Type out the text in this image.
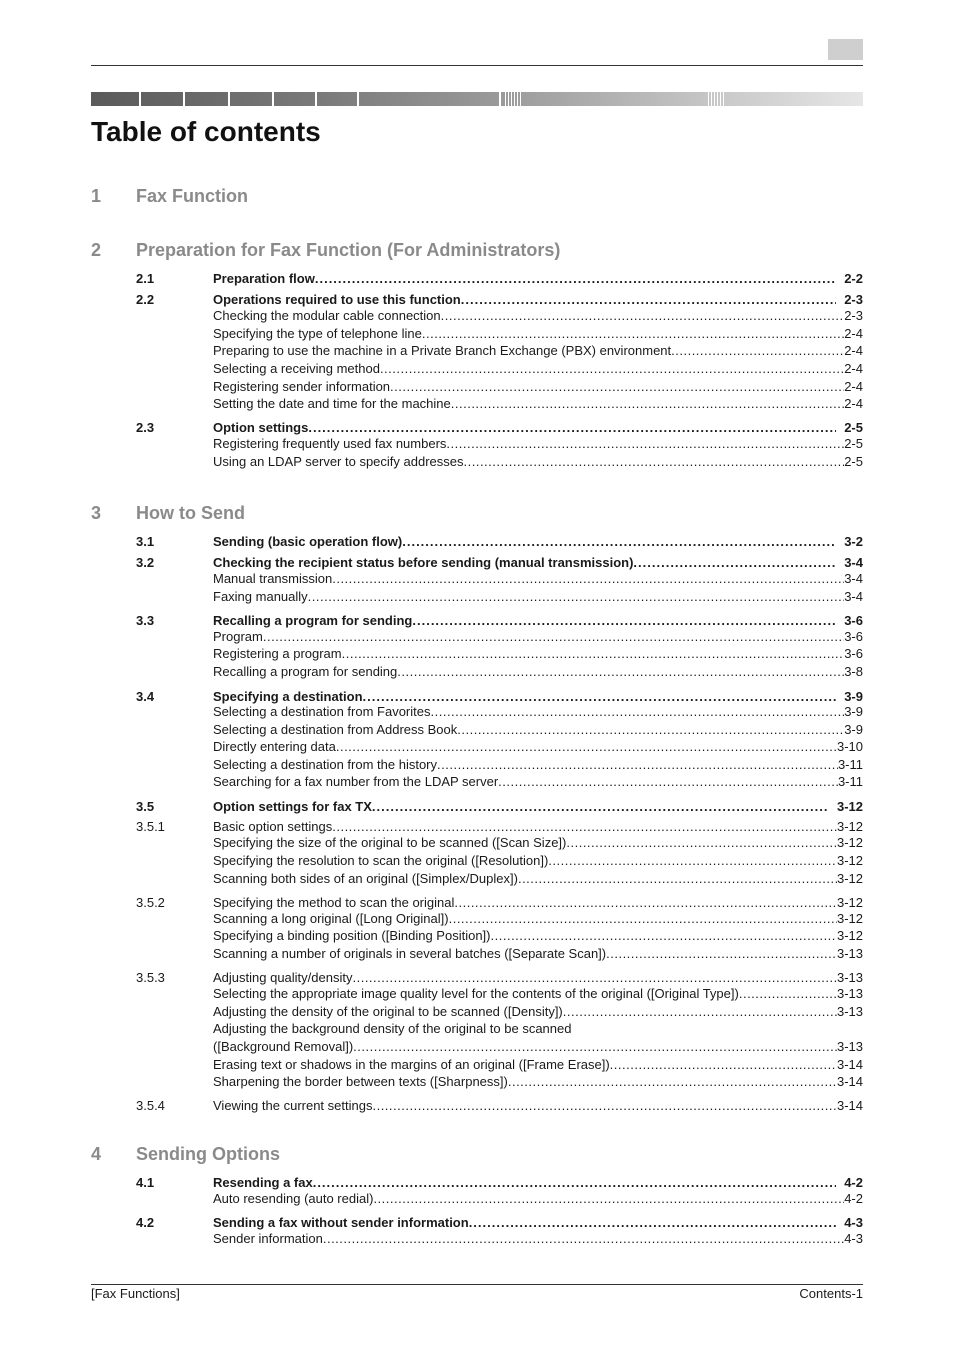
Table of contents
1 Fax Function
2 Preparation for Fax Function (For Administrators)
3 How to Send
4 Sending Options
2.1	Preparation flow .....	2-2
2.2	Operations required to use this function .....	2-3
Checking the modular cable connection .....	2-3
Specifying the type of telephone line .....	2-4
Preparing to use the machine in a Private Branch Exchange (PBX) environment .....	2-4
Selecting a receiving method .....	2-4
Registering sender information .....	2-4
Setting the date and time for the machine .....	2-4
2.3	Option settings .....	2-5
Registering frequently used fax numbers .....	2-5
Using an LDAP server to specify addresses .....	2-5
3.1	Sending (basic operation flow) .....	3-2
3.2	Checking the recipient status before sending (manual transmission) .....	3-4
Manual transmission .....	3-4
Faxing manually .....	3-4
3.3	Recalling a program for sending .....	3-6
Program .....	3-6
Registering a program .....	3-6
Recalling a program for sending .....	3-8
3.4	Specifying a destination .....	3-9
Selecting a destination from Favorites .....	3-9
Selecting a destination from Address Book .....	3-9
Directly entering data .....	3-10
Selecting a destination from the history .....	3-11
Searching for a fax number from the LDAP server .....	3-11
3.5	Option settings for fax TX .....	3-12
3.5.1	Basic option settings .....	3-12
Specifying the size of the original to be scanned ([Scan Size]) .....	3-12
Specifying the resolution to scan the original ([Resolution]) .....	3-12
Scanning both sides of an original ([Simplex/Duplex]) .....	3-12
3.5.2	Specifying the method to scan the original .....	3-12
Scanning a long original ([Long Original]) .....	3-12
Specifying a binding position ([Binding Position]) .....	3-12
Scanning a number of originals in several batches ([Separate Scan]) .....	3-13
3.5.3	Adjusting quality/density .....	3-13
Selecting the appropriate image quality level for the contents of the original ([Original Type]) .....	3-13
Adjusting the density of the original to be scanned ([Density]) .....	3-13
Adjusting the background density of the original to be scanned
([Background Removal]) .....	3-13
Erasing text or shadows in the margins of an original ([Frame Erase]) .....	3-14
Sharpening the border between texts ([Sharpness]) .....	3-14
3.5.4	Viewing the current settings .....	3-14
4.1	Resending a fax .....	4-2
Auto resending (auto redial) .....	4-2
4.2	Sending a fax without sender information .....	4-3
Sender information .....	4-3
[Fax Functions]	Contents-1
